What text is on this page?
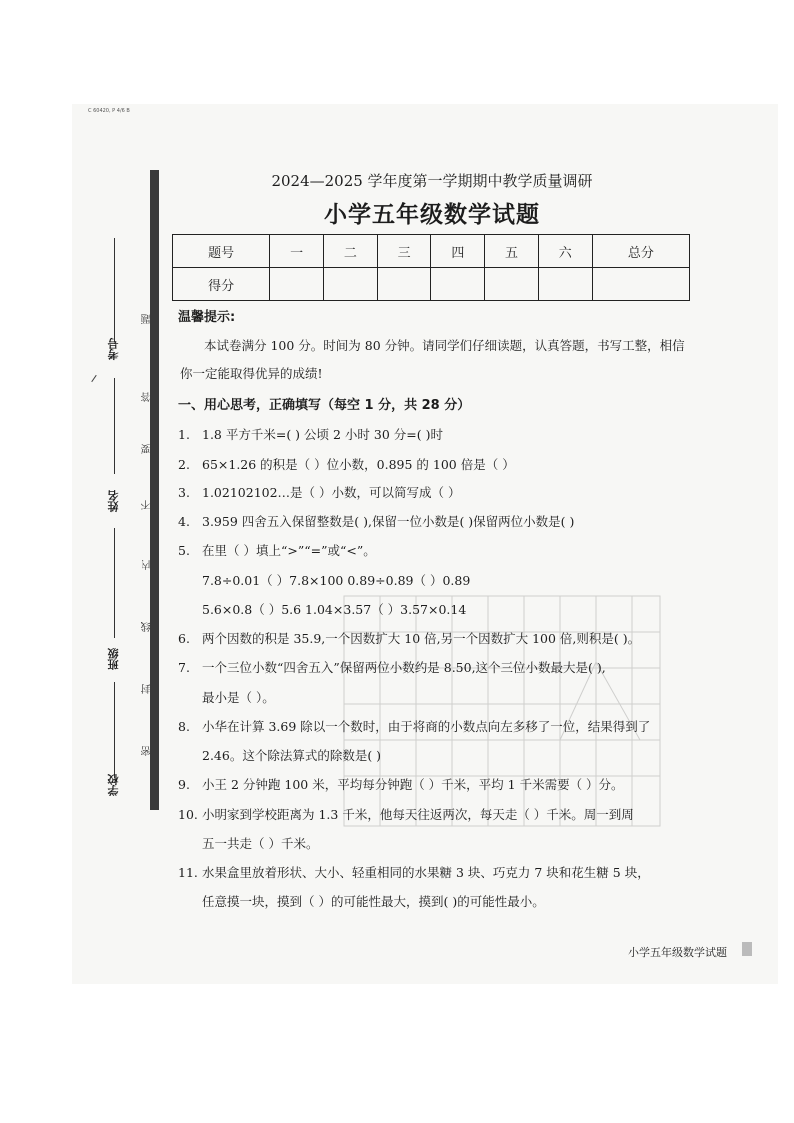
C 60420, P 4/6 B
考号
姓名
班级
学校
题
答
要
不
内
线
封
密
2024—2025 学年度第一学期期中教学质量调研
小学五年级数学试题
题号	一	二	三	四	五	六	总分
得分							
温馨提示:
本试卷满分 100 分。时间为 80 分钟。请同学们仔细读题，认真答题，书写工整，相信你一定能取得优异的成绩!
一、用心思考，正确填写（每空 1 分，共 28 分）
1. 1.8 平方千米=( ) 公顷 2 小时 30 分=( )时
2. 65×1.26 的积是（ ）位小数，0.895 的 100 倍是（ ）
3. 1.02102102…是（ ）小数，可以简写成（ ）
4. 3.959 四舍五入保留整数是( ),保留一位小数是( )保留两位小数是( )
5. 在里（ ）填上“>”“=”或“<”。
7.8÷0.01（ ）7.8×100 0.89÷0.89（ ）0.89
5.6×0.8（ ）5.6 1.04×3.57（ ）3.57×0.14
6. 两个因数的积是 35.9,一个因数扩大 10 倍,另一个因数扩大 100 倍,则积是( )。
7. 一个三位小数“四舍五入”保留两位小数约是 8.50,这个三位小数最大是( ),
最小是（ ）。
8. 小华在计算 3.69 除以一个数时，由于将商的小数点向左多移了一位，结果得到了
2.46。这个除法算式的除数是( )
9. 小王 2 分钟跑 100 米，平均每分钟跑（ ）千米，平均 1 千米需要（ ）分。
10. 小明家到学校距离为 1.3 千米，他每天往返两次，每天走（ ）千米。周一到周
五一共走（ ）千米。
11. 水果盒里放着形状、大小、轻重相同的水果糖 3 块、巧克力 7 块和花生糖 5 块，
任意摸一块，摸到（ ）的可能性最大，摸到( )的可能性最小。
小学五年级数学试题
